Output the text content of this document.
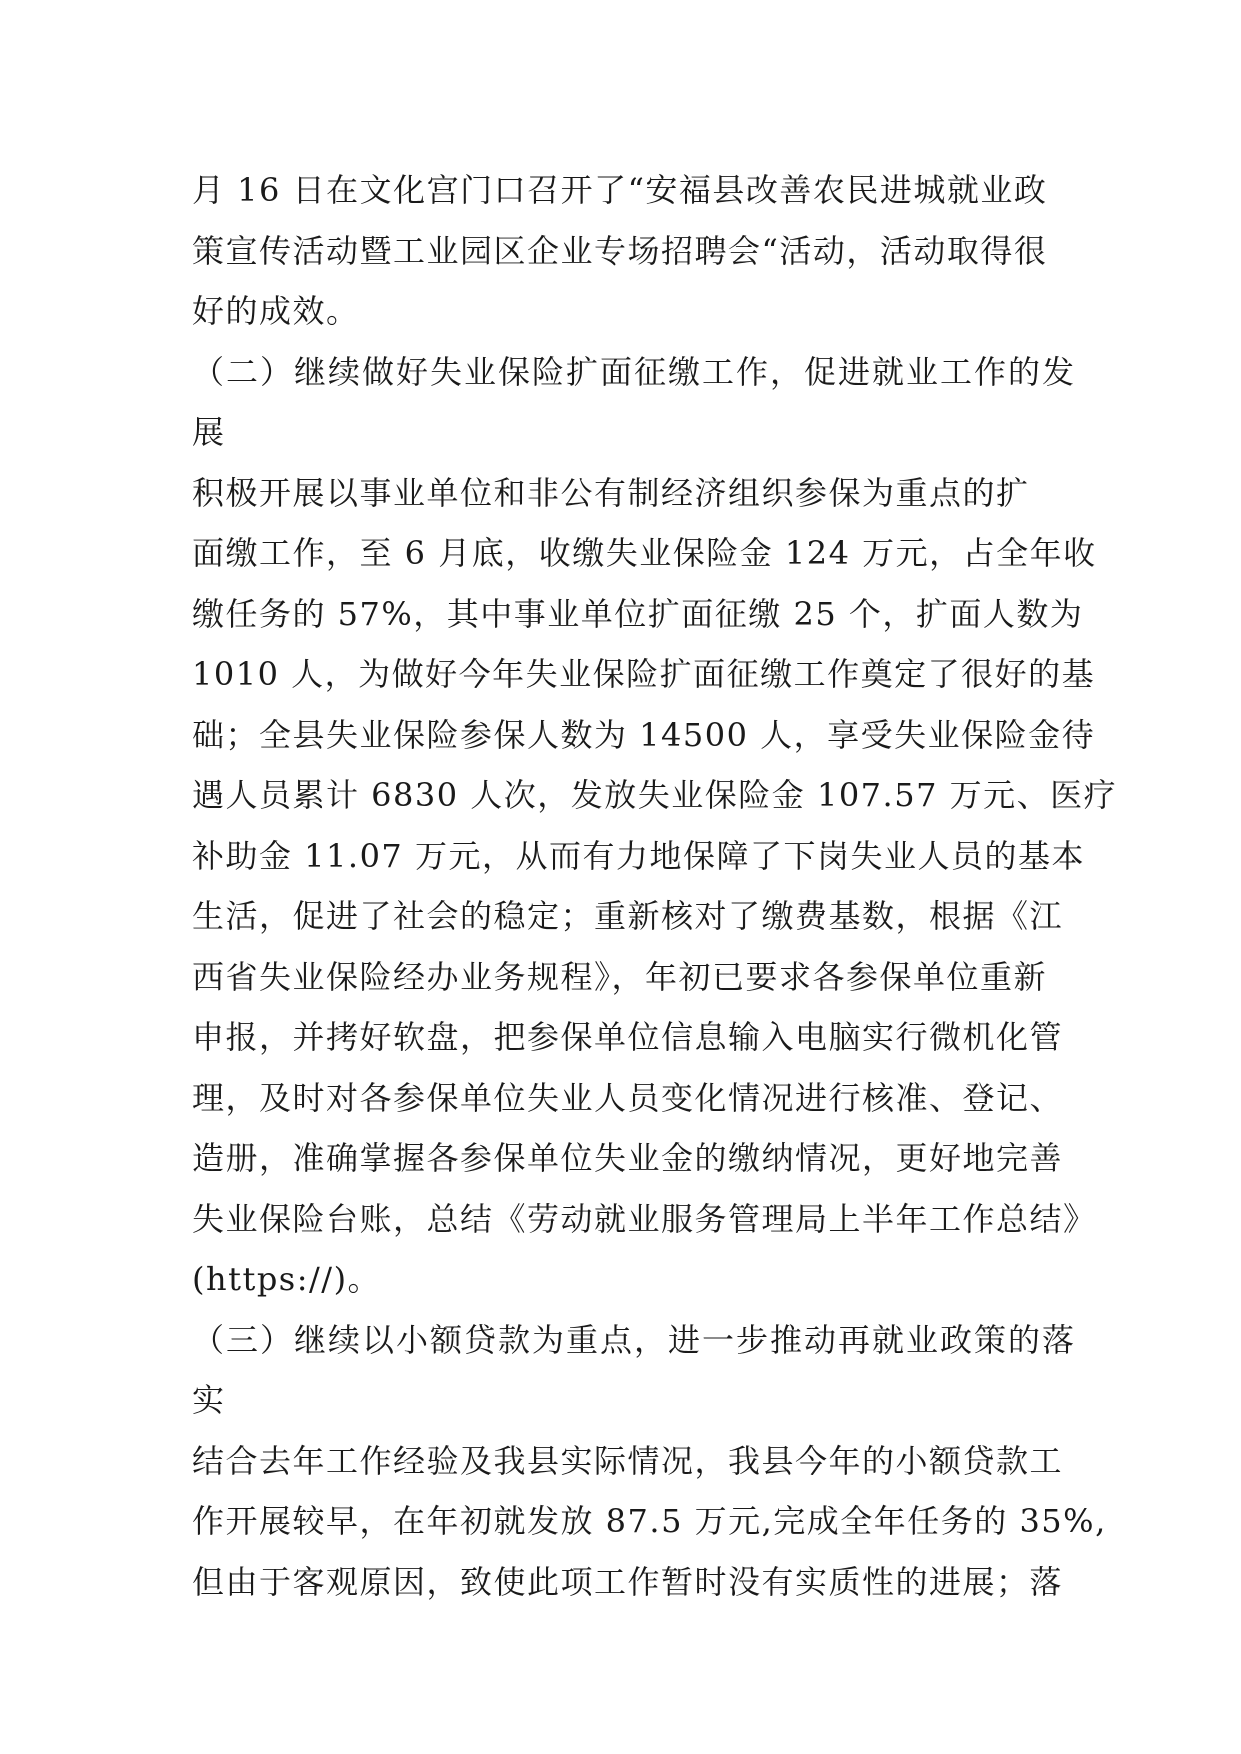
月 16 日在文化宫门口召开了“安福县改善农民进城就业政
策宣传活动暨工业园区企业专场招聘会“活动，活动取得很
好的成效。
（二）继续做好失业保险扩面征缴工作，促进就业工作的发
展
积极开展以事业单位和非公有制经济组织参保为重点的扩
面缴工作，至 6 月底，收缴失业保险金 124 万元，占全年收
缴任务的 57%，其中事业单位扩面征缴 25 个，扩面人数为
1010 人，为做好今年失业保险扩面征缴工作奠定了很好的基
础；全县失业保险参保人数为 14500 人，享受失业保险金待
遇人员累计 6830 人次，发放失业保险金 107.57 万元、医疗
补助金 11.07 万元，从而有力地保障了下岗失业人员的基本
生活，促进了社会的稳定；重新核对了缴费基数，根据《江
西省失业保险经办业务规程》，年初已要求各参保单位重新
申报，并拷好软盘，把参保单位信息输入电脑实行微机化管
理，及时对各参保单位失业人员变化情况进行核准、登记、
造册，准确掌握各参保单位失业金的缴纳情况，更好地完善
失业保险台账，总结《劳动就业服务管理局上半年工作总结》
(https://)。
（三）继续以小额贷款为重点，进一步推动再就业政策的落
实
结合去年工作经验及我县实际情况，我县今年的小额贷款工
作开展较早，在年初就发放 87.5 万元,完成全年任务的 35%,
但由于客观原因，致使此项工作暂时没有实质性的进展；落
